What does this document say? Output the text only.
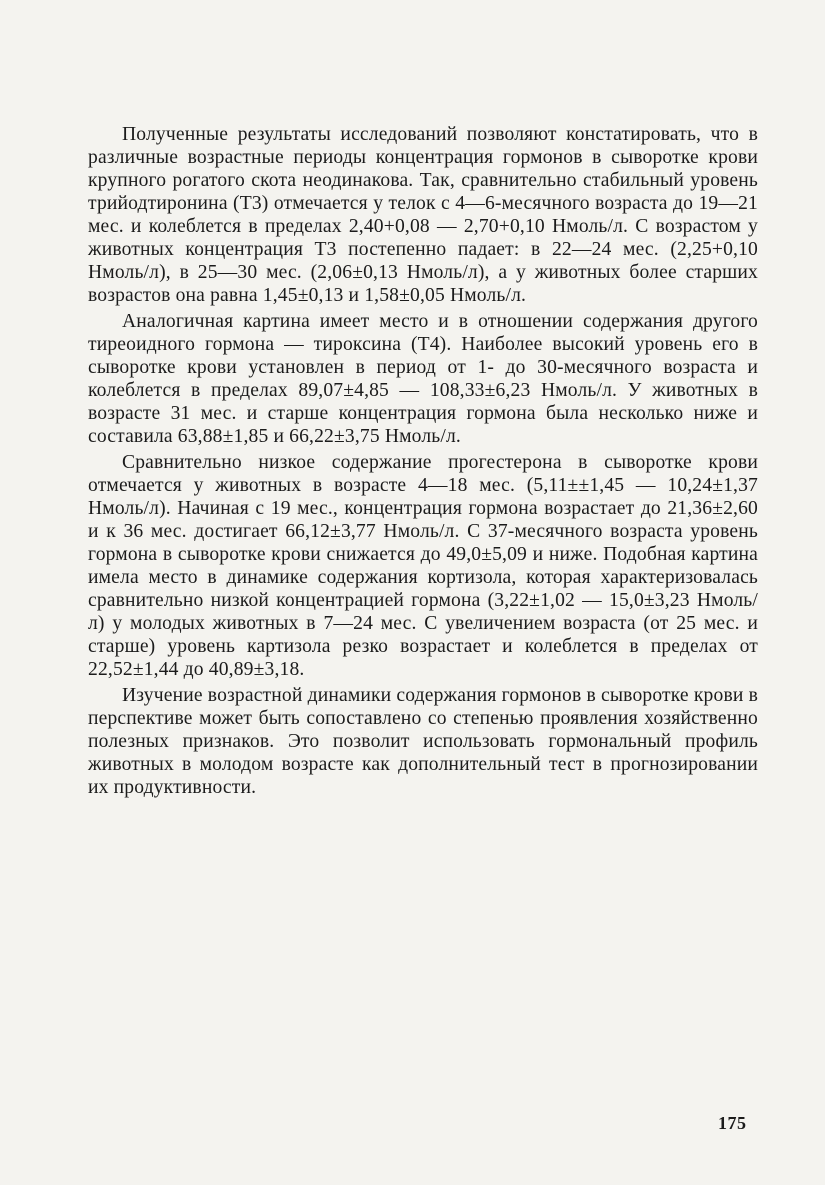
Полученные результаты исследований позволяют констатировать, что в различные возрастные периоды концентрация гормонов в сыворотке крови крупного рогатого скота неодинакова. Так, сравнительно стабильный уровень трийодтиронина (Т3) отмечается у телок с 4—6-месячного возраста до 19—21 мес. и колеблется в пределах 2,40+0,08 — 2,70+0,10 Нмоль/л. С возрастом у животных концентрация Т3 постепенно падает: в 22—24 мес. (2,25+0,10 Нмоль/л), в 25—30 мес. (2,06±0,13 Нмоль/л), а у животных более старших возрастов она равна 1,45±0,13 и 1,58±0,05 Нмоль/л.

Аналогичная картина имеет место и в отношении содержания другого тиреоидного гормона — тироксина (Т4). Наиболее высокий уровень его в сыворотке крови установлен в период от 1- до 30-месячного возраста и колеблется в пределах 89,07±4,85 — 108,33±6,23 Нмоль/л. У животных в возрасте 31 мес. и старше концентрация гормона была несколько ниже и составила 63,88±1,85 и 66,22±3,75 Нмоль/л.

Сравнительно низкое содержание прогестерона в сыворотке крови отмечается у животных в возрасте 4—18 мес. (5,11±±1,45 — 10,24±1,37 Нмоль/л). Начиная с 19 мес., концентрация гормона возрастает до 21,36±2,60 и к 36 мес. достигает 66,12±3,77 Нмоль/л. С 37-месячного возраста уровень гормона в сыворотке крови снижается до 49,0±5,09 и ниже. Подобная картина имела место в динамике содержания кортизола, которая характеризовалась сравнительно низкой концентрацией гормона (3,22±1,02 — 15,0±3,23 Нмоль/л) у молодых животных в 7—24 мес. С увеличением возраста (от 25 мес. и старше) уровень картизола резко возрастает и колеблется в пределах от 22,52±1,44 до 40,89±3,18.

Изучение возрастной динамики содержания гормонов в сыворотке крови в перспективе может быть сопоставлено со степенью проявления хозяйственно полезных признаков. Это позволит использовать гормональный профиль животных в молодом возрасте как дополнительный тест в прогнозировании их продуктивности.

175
